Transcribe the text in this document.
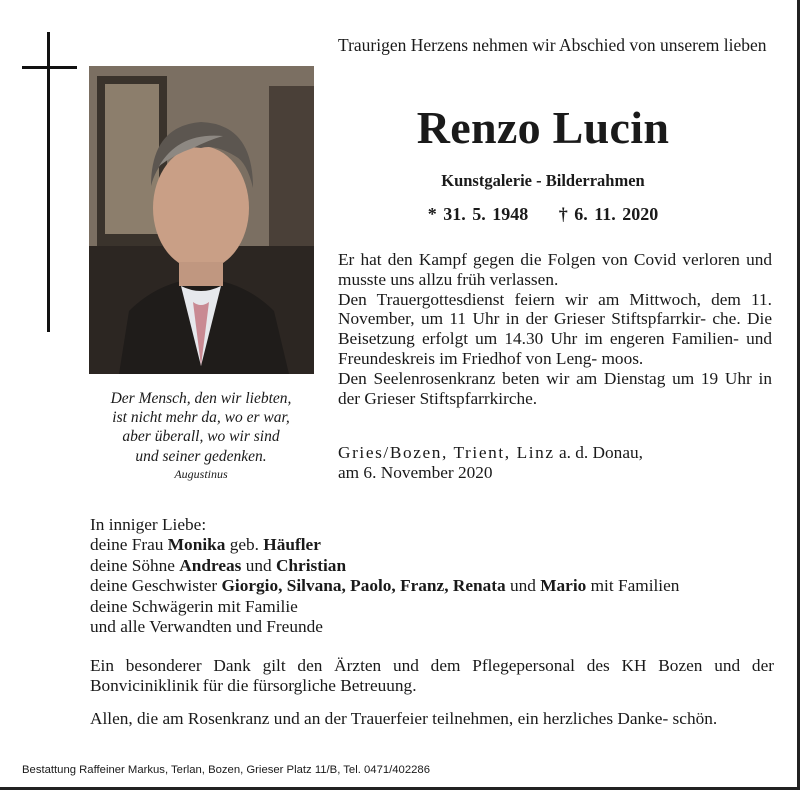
Der Mensch, den wir liebten,
ist nicht mehr da, wo er war,
aber überall, wo wir sind
und seiner gedenken.
Augustinus
Traurigen Herzens nehmen wir Abschied von unserem lieben
Renzo Lucin
Kunstgalerie - Bilderrahmen
* 31. 5. 1948 † 6. 11. 2020

Er hat den Kampf gegen die Folgen von Covid verloren und musste uns allzu früh verlassen.

Den Trauergottesdienst feiern wir am Mittwoch, dem 11. November, um 11 Uhr in der Grieser Stiftspfarrkir- che. Die Beisetzung erfolgt um 14.30 Uhr im engeren Familien- und Freundeskreis im Friedhof von Leng- moos.

Den Seelenrosenkranz beten wir am Dienstag um 19 Uhr in der Grieser Stiftspfarrkirche.

Gries/Bozen, Trient, Linz a. d. Donau,
am 6. November 2020
In inniger Liebe:
deine Frau Monika geb. Häufler
deine Söhne Andreas und Christian
deine Geschwister Giorgio, Silvana, Paolo, Franz, Renata und Mario mit Familien
deine Schwägerin mit Familie
und alle Verwandten und Freunde

Ein besonderer Dank gilt den Ärzten und dem Pflegepersonal des KH Bozen und der Bonviciniklinik für die fürsorgliche Betreuung.

Allen, die am Rosenkranz und an der Trauerfeier teilnehmen, ein herzliches Danke- schön.

Bestattung Raffeiner Markus, Terlan, Bozen, Grieser Platz 11/B, Tel. 0471/402286
